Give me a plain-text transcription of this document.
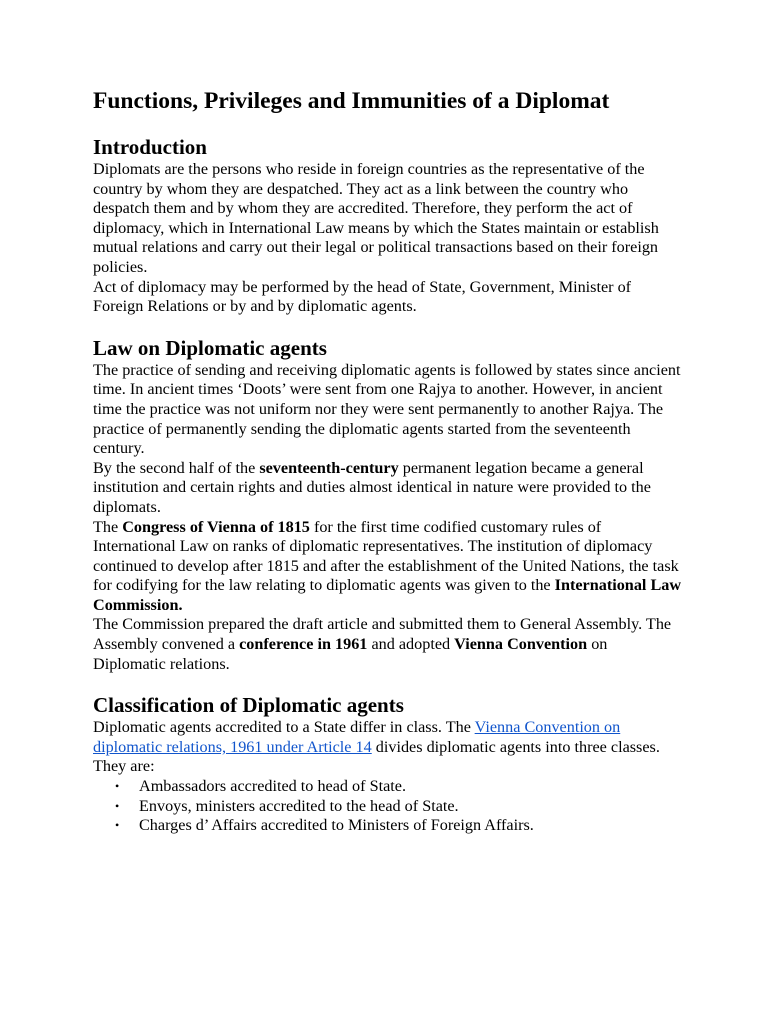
Functions, Privileges and Immunities of a Diplomat
Introduction

Diplomats are the persons who reside in foreign countries as the representative of the country by whom they are despatched. They act as a link between the country who despatch them and by whom they are accredited. Therefore, they perform the act of diplomacy, which in International Law means by which the States maintain or establish mutual relations and carry out their legal or political transactions based on their foreign policies.

Act of diplomacy may be performed by the head of State, Government, Minister of Foreign Relations or by and by diplomatic agents.

Law on Diplomatic agents

The practice of sending and receiving diplomatic agents is followed by states since ancient time. In ancient times ‘Doots’ were sent from one Rajya to another. However, in ancient time the practice was not uniform nor they were sent permanently to another Rajya. The practice of permanently sending the diplomatic agents started from the seventeenth century.

By the second half of the seventeenth-century permanent legation became a general institution and certain rights and duties almost identical in nature were provided to the diplomats.

The Congress of Vienna of 1815 for the first time codified customary rules of International Law on ranks of diplomatic representatives. The institution of diplomacy continued to develop after 1815 and after the establishment of the United Nations, the task for codifying for the law relating to diplomatic agents was given to the International Law Commission.

The Commission prepared the draft article and submitted them to General Assembly. The Assembly convened a conference in 1961 and adopted Vienna Convention on Diplomatic relations.

Classification of Diplomatic agents

Diplomatic agents accredited to a State differ in class. The Vienna Convention on diplomatic relations, 1961 under Article 14 divides diplomatic agents into three classes. They are:

• Ambassadors accredited to head of State.
• Envoys, ministers accredited to the head of State.
• Charges d’ Affairs accredited to Ministers of Foreign Affairs.
